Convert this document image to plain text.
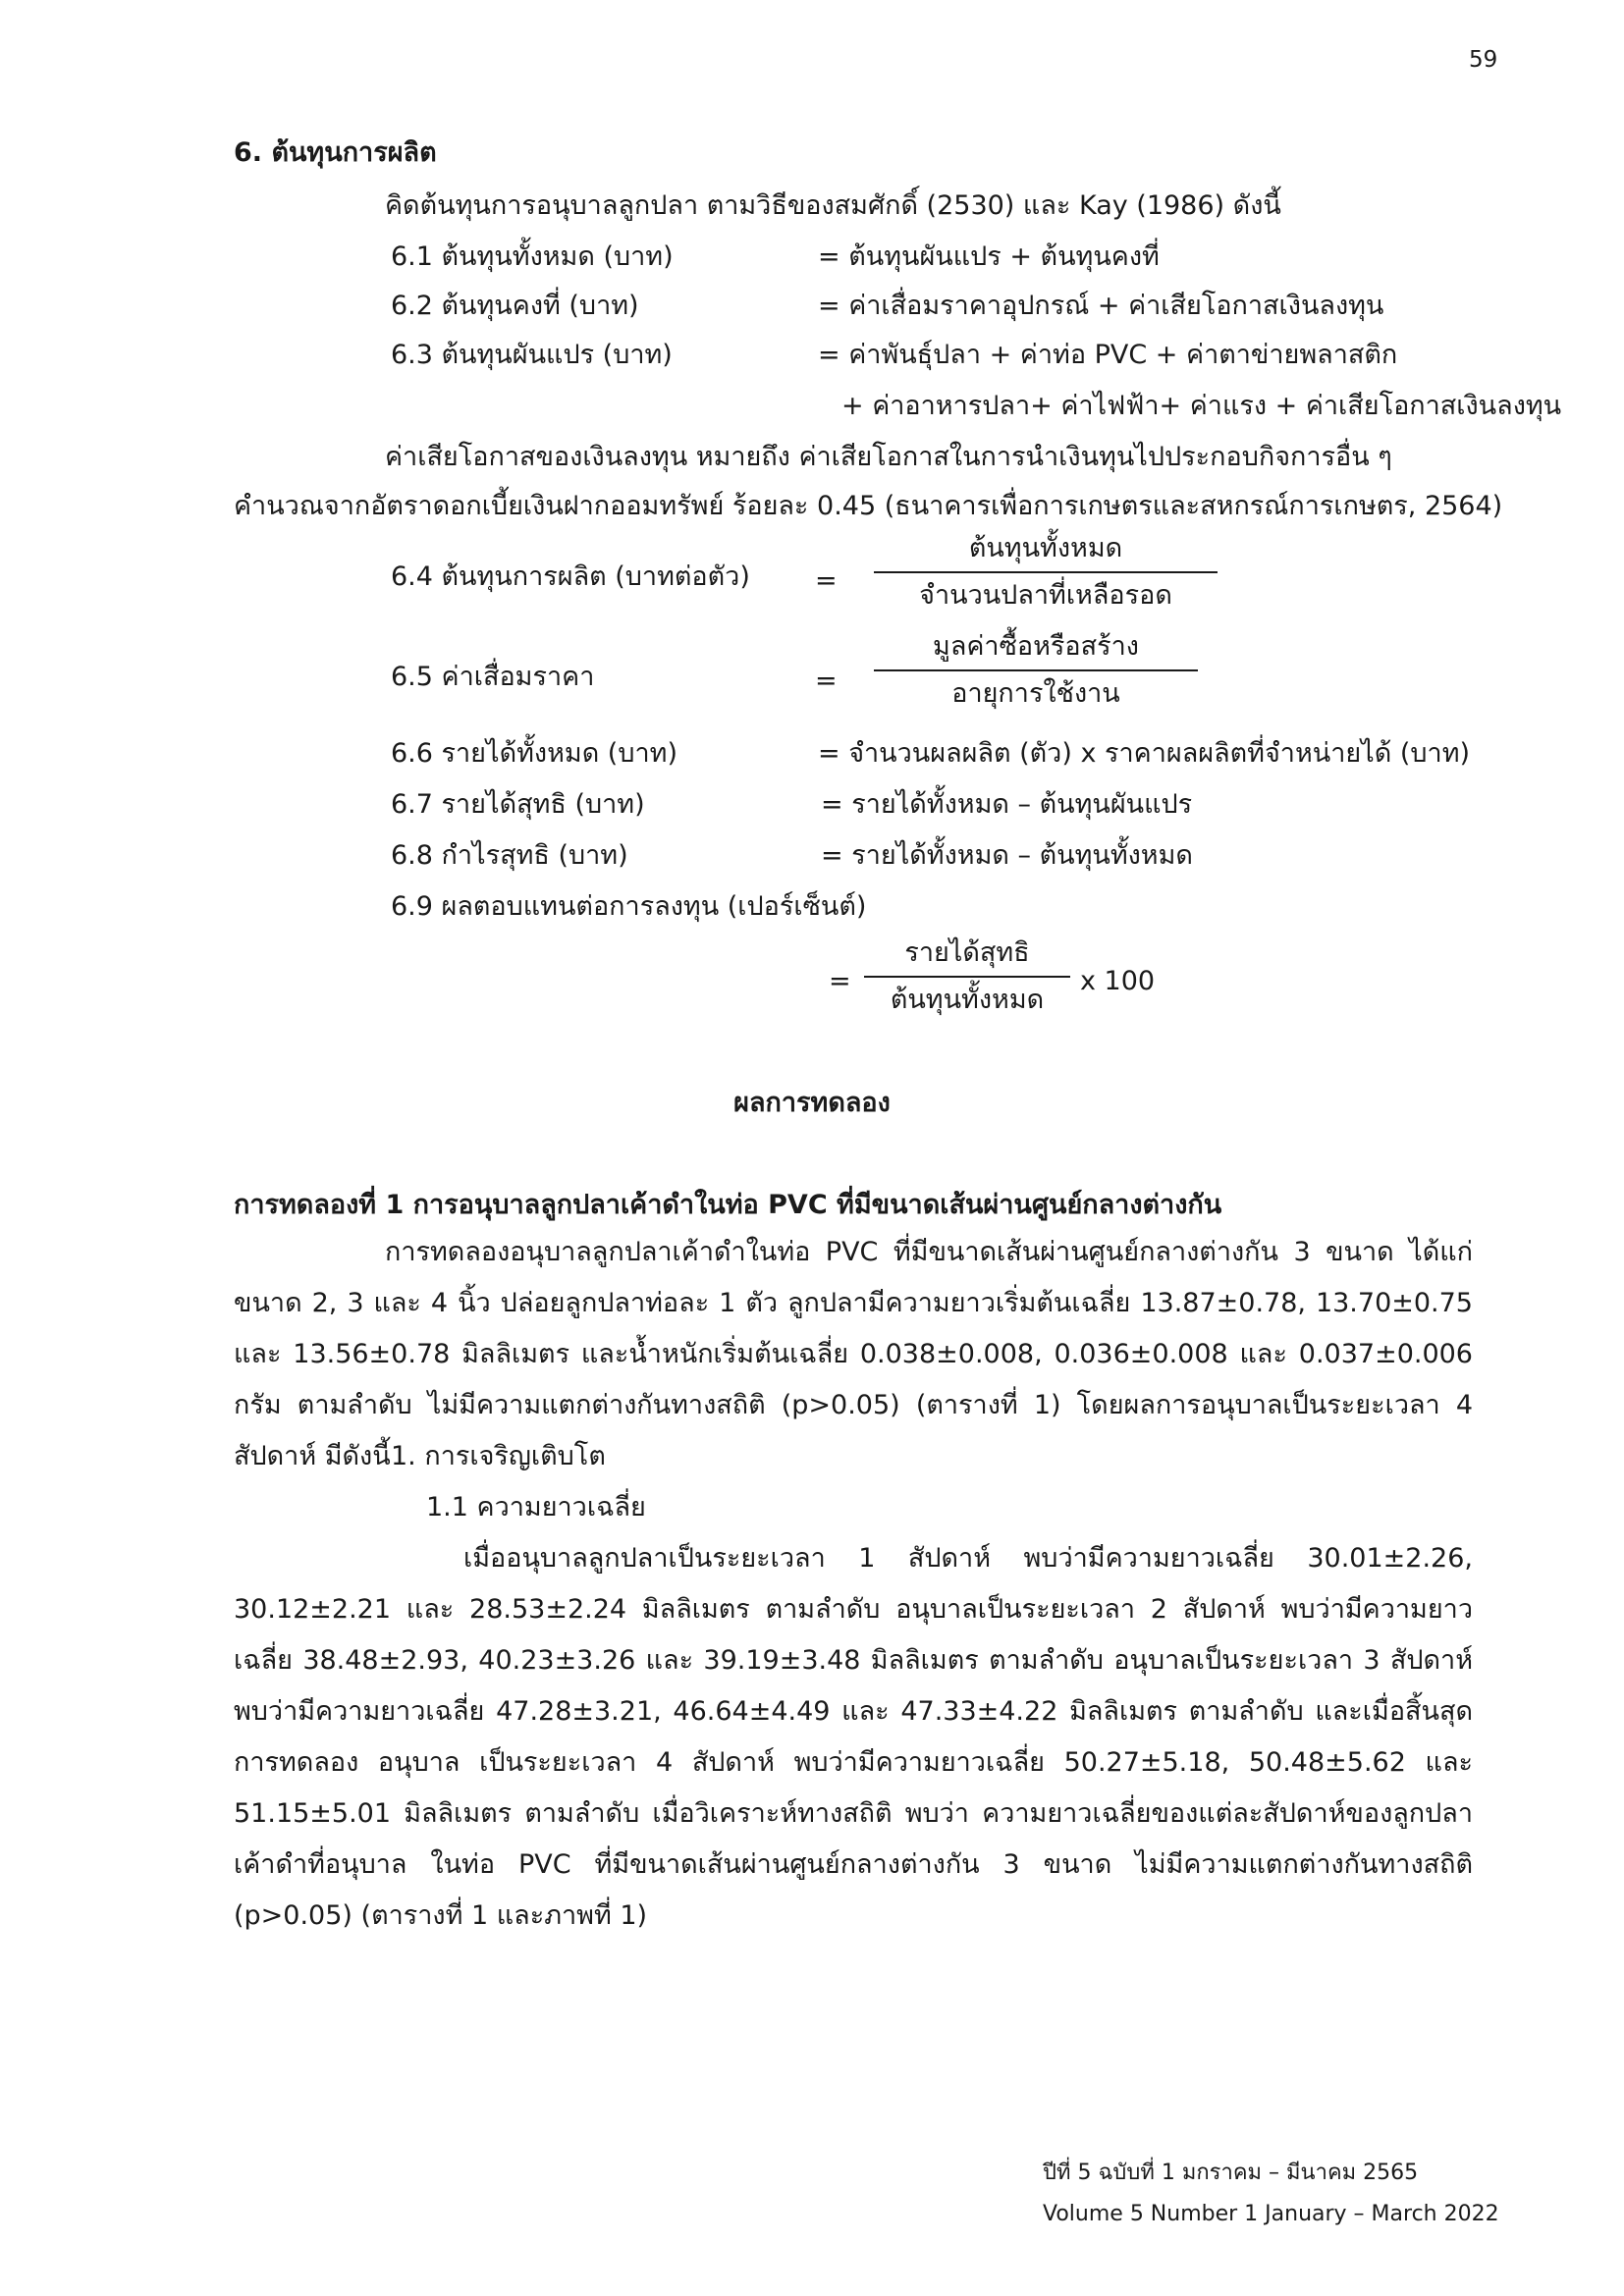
59
6. ต้นทุนการผลิต
คิดต้นทุนการอนุบาลลูกปลา ตามวิธีของสมศักดิ์ (2530) และ Kay (1986) ดังนี้
6.1 ต้นทุนทั้งหมด (บาท)	= ต้นทุนผันแปร + ต้นทุนคงที่
6.2 ต้นทุนคงที่ (บาท)	= ค่าเสื่อมราคาอุปกรณ์ + ค่าเสียโอกาสเงินลงทุน
6.3 ต้นทุนผันแปร (บาท)	= ค่าพันธุ์ปลา + ค่าท่อ PVC + ค่าตาข่ายพลาสติก
+ ค่าอาหารปลา+ ค่าไฟฟ้า+ ค่าแรง + ค่าเสียโอกาสเงินลงทุน
ค่าเสียโอกาสของเงินลงทุน หมายถึง ค่าเสียโอกาสในการนำเงินทุนไปประกอบกิจการอื่น ๆ
คำนวณจากอัตราดอกเบี้ยเงินฝากออมทรัพย์ ร้อยละ 0.45 (ธนาคารเพื่อการเกษตรและสหกรณ์การเกษตร, 2564)
6.4 ต้นทุนการผลิต (บาทต่อตัว) =
ต้นทุนทั้งหมด
จำนวนปลาที่เหลือรอด
6.5 ค่าเสื่อมราคา	=
มูลค่าซื้อหรือสร้าง
อายุการใช้งาน
6.6 รายได้ทั้งหมด (บาท)	= จำนวนผลผลิต (ตัว) x ราคาผลผลิตที่จำหน่ายได้ (บาท)
6.7 รายได้สุทธิ (บาท)	= รายได้ทั้งหมด – ต้นทุนผันแปร
6.8 กำไรสุทธิ (บาท)	= รายได้ทั้งหมด – ต้นทุนทั้งหมด
6.9 ผลตอบแทนต่อการลงทุน (เปอร์เซ็นต์)
=
รายได้สุทธิ
ต้นทุนทั้งหมด
x 100
ผลการทดลอง
การทดลองที่ 1 การอนุบาลลูกปลาเค้าดำในท่อ PVC ที่มีขนาดเส้นผ่านศูนย์กลางต่างกัน
การทดลองอนุบาลลูกปลาเค้าดำในท่อ PVC ที่มีขนาดเส้นผ่านศูนย์กลางต่างกัน 3 ขนาด ได้แก่ ขนาด 2, 3 และ 4 นิ้ว ปล่อยลูกปลาท่อละ 1 ตัว ลูกปลามีความยาวเริ่มต้นเฉลี่ย 13.87±0.78, 13.70±0.75 และ 13.56±0.78 มิลลิเมตร และน้ำหนักเริ่มต้นเฉลี่ย 0.038±0.008, 0.036±0.008 และ 0.037±0.006 กรัม ตามลำดับ ไม่มีความแตกต่างกันทางสถิติ (p>0.05) (ตารางที่ 1) โดยผลการอนุบาลเป็นระยะเวลา 4 สัปดาห์ มีดังนี้ 1. การเจริญเติบโต
1.1 ความยาวเฉลี่ย
เมื่ออนุบาลลูกปลาเป็นระยะเวลา 1 สัปดาห์ พบว่ามีความยาวเฉลี่ย 30.01±2.26, 30.12±2.21 และ 28.53±2.24 มิลลิเมตร ตามลำดับ อนุบาลเป็นระยะเวลา 2 สัปดาห์ พบว่ามีความยาวเฉลี่ย 38.48±2.93, 40.23±3.26 และ 39.19±3.48 มิลลิเมตร ตามลำดับ อนุบาลเป็นระยะเวลา 3 สัปดาห์ พบว่ามีความยาวเฉลี่ย 47.28±3.21, 46.64±4.49 และ 47.33±4.22 มิลลิเมตร ตามลำดับ และเมื่อสิ้นสุดการทดลอง อนุบาล เป็นระยะเวลา 4 สัปดาห์ พบว่ามีความยาวเฉลี่ย 50.27±5.18, 50.48±5.62 และ 51.15±5.01 มิลลิเมตร ตามลำดับ เมื่อวิเคราะห์ทางสถิติ พบว่า ความยาวเฉลี่ยของแต่ละสัปดาห์ของลูกปลาเค้าดำที่อนุบาล ในท่อ PVC ที่มีขนาดเส้นผ่านศูนย์กลางต่างกัน 3 ขนาด ไม่มีความแตกต่างกันทางสถิติ (p>0.05) (ตารางที่ 1 และภาพที่ 1)
ปีที่ 5 ฉบับที่ 1 มกราคม – มีนาคม 2565
Volume 5 Number 1 January – March 2022
